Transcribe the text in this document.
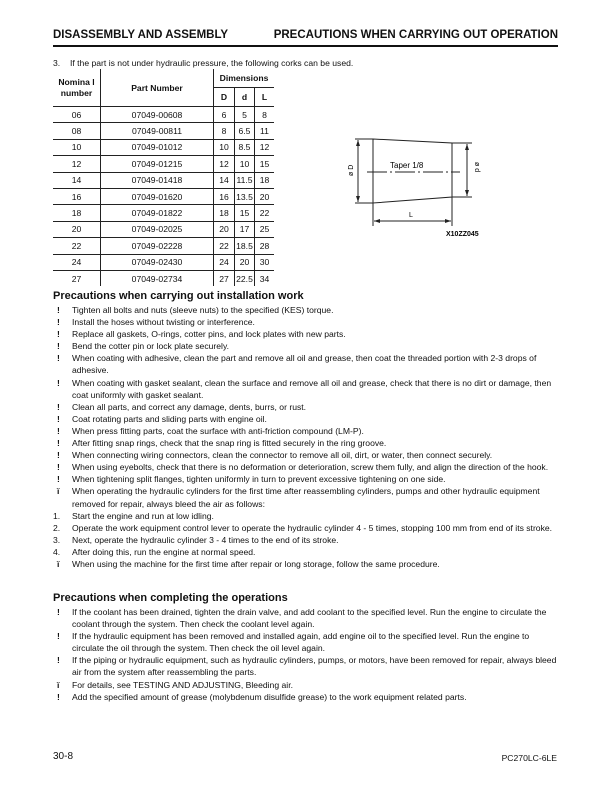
DISASSEMBLY AND ASSEMBLY	PRECAUTIONS WHEN CARRYING OUT OPERATION
3. If the part is not under hydraulic pressure, the following corks can be used.
Nomina l number	Part Number	Dimensions		
		D	d	L
06	07049-00608	6	5	8
08	07049-00811	8	6.5	11
10	07049-01012	10	8.5	12
12	07049-01215	12	10	15
14	07049-01418	14	11.5	18
16	07049-01620	16	13.5	20
18	07049-01822	18	15	22
20	07049-02025	20	17	25
22	07049-02228	22	18.5	28
24	07049-02430	24	20	30
27	07049-02734	27	22.5	34
Taper 1/8
ø D	ø d
L
X10ZZ045
Precautions when carrying out installation work
! Tighten all bolts and nuts (sleeve nuts) to the specified (KES) torque.
! Install the hoses without twisting or interference.
! Replace all gaskets, O-rings, cotter pins, and lock plates with new parts.
! Bend the cotter pin or lock plate securely.
! When coating with adhesive, clean the part and remove all oil and grease, then coat the threaded portion with 2-3 drops of adhesive.
! When coating with gasket sealant, clean the surface and remove all oil and grease, check that there is no dirt or damage, then coat uniformly with gasket sealant.
! Clean all parts, and correct any damage, dents, burrs, or rust.
! Coat rotating parts and sliding parts with engine oil.
! When press fitting parts, coat the surface with anti-friction compound (LM-P).
! After fitting snap rings, check that the snap ring is fitted securely in the ring groove.
! When connecting wiring connectors, clean the connector to remove all oil, dirt, or water, then connect securely.
! When using eyebolts, check that there is no deformation or deterioration, screw them fully, and align the direction of the hook.
! When tightening split flanges, tighten uniformly in turn to prevent excessive tightening on one side.
ï When operating the hydraulic cylinders for the first time after reassembling cylinders, pumps and other hydraulic equipment removed for repair, always bleed the air as follows:
1. Start the engine and run at low idling.
2. Operate the work equipment control lever to operate the hydraulic cylinder 4 - 5 times, stopping 100 mm from end of its stroke.
3. Next, operate the hydraulic cylinder 3 - 4 times to the end of its stroke.
4. After doing this, run the engine at normal speed.
ï When using the machine for the first time after repair or long storage, follow the same procedure.
Precautions when completing the operations
! If the coolant has been drained, tighten the drain valve, and add coolant to the specified level. Run the engine to circulate the coolant through the system. Then check the coolant level again.
! If the hydraulic equipment has been removed and installed again, add engine oil to the specified level. Run the engine to circulate the oil through the system. Then check the oil level again.
! If the piping or hydraulic equipment, such as hydraulic cylinders, pumps, or motors, have been removed for repair, always bleed air from the system after reassembling the parts.
ï For details, see TESTING AND ADJUSTING, Bleeding air.
! Add the specified amount of grease (molybdenum disulfide grease) to the work equipment related parts.
30-8	PC270LC-6LE
